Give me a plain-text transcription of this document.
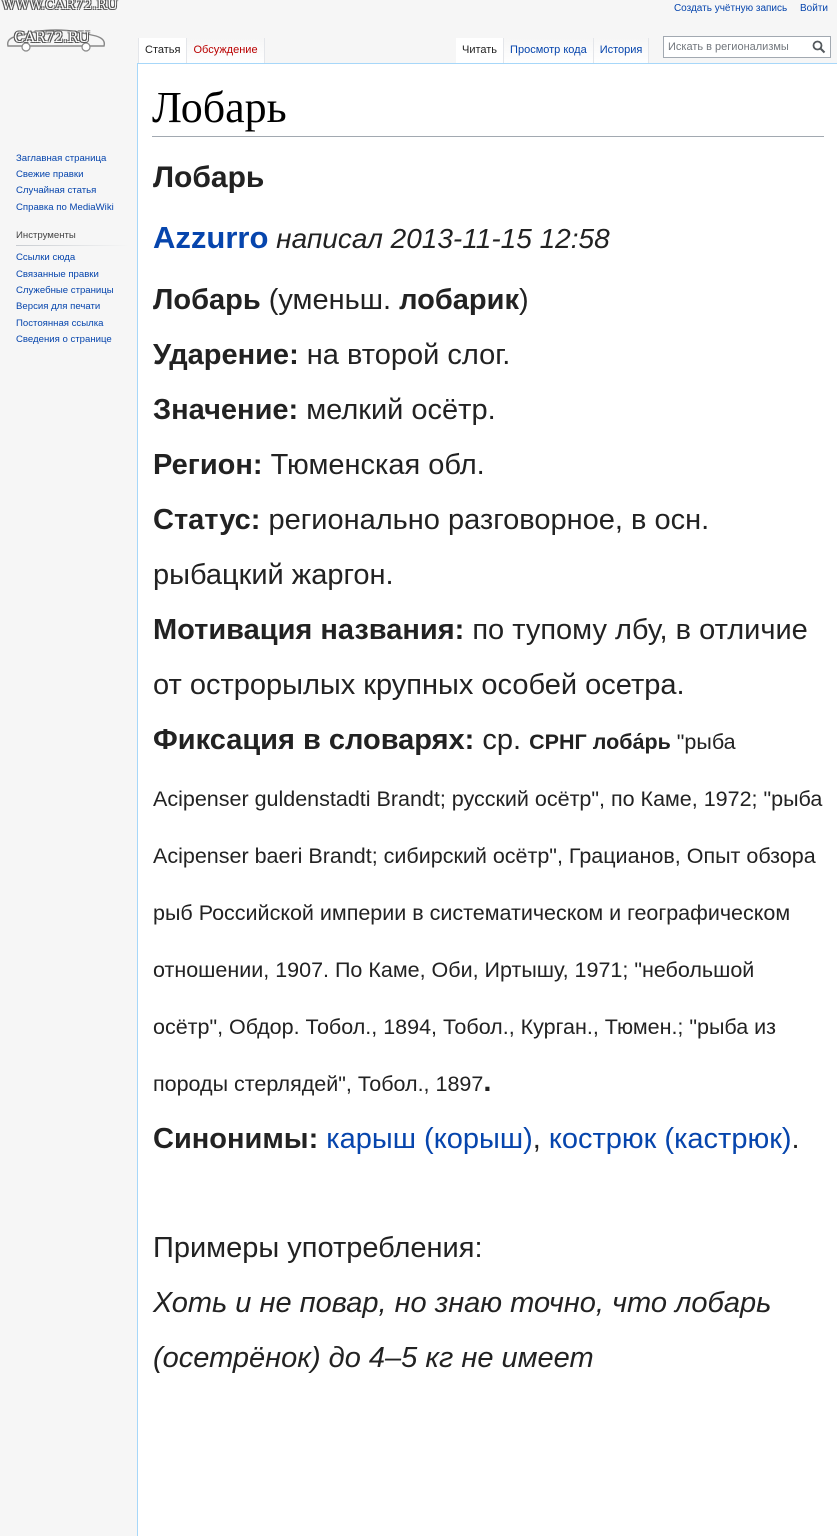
WWW.CAR72.RU
CAR72.RU
Создать учётную запись Войти
Заглавная страница
Свежие правки
Случайная статья
Справка по MediaWiki
Инструменты
Ссылки сюда
Связанные правки
Служебные страницы
Версия для печати
Постоянная ссылка
Сведения о странице
Статья	Обсуждение	Читать	Просмотр кода	История
Искать в регионализмы
Лобарь
Лобарь
Azzurro написал 2013-11-15 12:58

Лобарь (уменьш. лобарик)

Ударение: на второй слог.

Значение: мелкий осётр.

Регион: Тюменская обл.

Статус: регионально разговорное, в осн. рыбацкий жаргон.

Мотивация названия: по тупому лбу, в отличие от острорылых крупных особей осетра.

Фиксация в словарях: ср. СРНГ лоба́рь "рыба Acipenser guldenstadti Brandt; русский осётр", по Каме, 1972; "рыба Acipenser baeri Brandt; сибирский осётр", Грацианов, Опыт обзора рыб Российской империи в систематическом и географическом отношении, 1907. По Каме, Оби, Иртышу, 1971; "небольшой осётр", Обдор. Тобол., 1894, Тобол., Курган., Тюмен.; "рыба из породы стерлядей", Тобол., 1897.

Синонимы: карыш (корыш), кострюк (кастрюк).

Примеры употребления:
Хоть и не повар, но знаю точно, что лобарь (осетрёнок) до 4–5 кг не имеет
